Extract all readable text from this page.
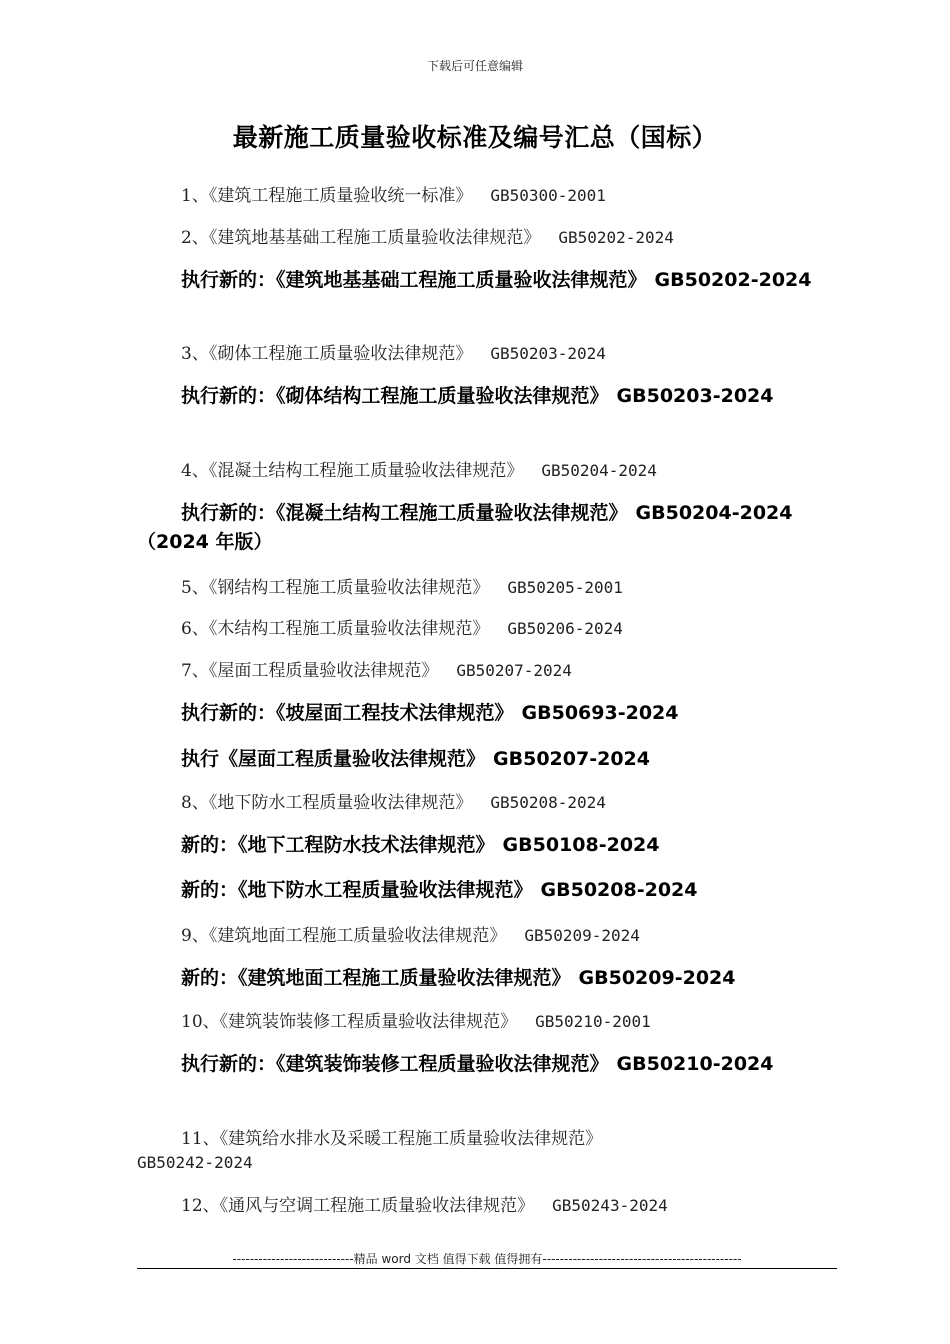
下载后可任意编辑
最新施工质量验收标准及编号汇总（国标）
1、《建筑工程施工质量验收统一标准》 GB50300-2001
2、《建筑地基基础工程施工质量验收法律规范》 GB50202-2024
执行新的：《建筑地基基础工程施工质量验收法律规范》 GB50202-2024
3、《砌体工程施工质量验收法律规范》 GB50203-2024
执行新的：《砌体结构工程施工质量验收法律规范》 GB50203-2024
4、《混凝土结构工程施工质量验收法律规范》 GB50204-2024
执行新的：《混凝土结构工程施工质量验收法律规范》 GB50204-2024（2024 年版）
5、《钢结构工程施工质量验收法律规范》 GB50205-2001
6、《木结构工程施工质量验收法律规范》 GB50206-2024
7、《屋面工程质量验收法律规范》 GB50207-2024
执行新的：《坡屋面工程技术法律规范》 GB50693-2024
执行《屋面工程质量验收法律规范》 GB50207-2024
8、《地下防水工程质量验收法律规范》 GB50208-2024
新的：《地下工程防水技术法律规范》 GB50108-2024
新的：《地下防水工程质量验收法律规范》 GB50208-2024
9、《建筑地面工程施工质量验收法律规范》 GB50209-2024
新的：《建筑地面工程施工质量验收法律规范》 GB50209-2024
10、《建筑装饰装修工程质量验收法律规范》 GB50210-2001
执行新的：《建筑装饰装修工程质量验收法律规范》 GB50210-2024
11、《建筑给水排水及采暖工程施工质量验收法律规范》
GB50242-2024
12、《通风与空调工程施工质量验收法律规范》 GB50243-2024
----------------------------精品 word 文档 值得下载 值得拥有----------------------------------------------
